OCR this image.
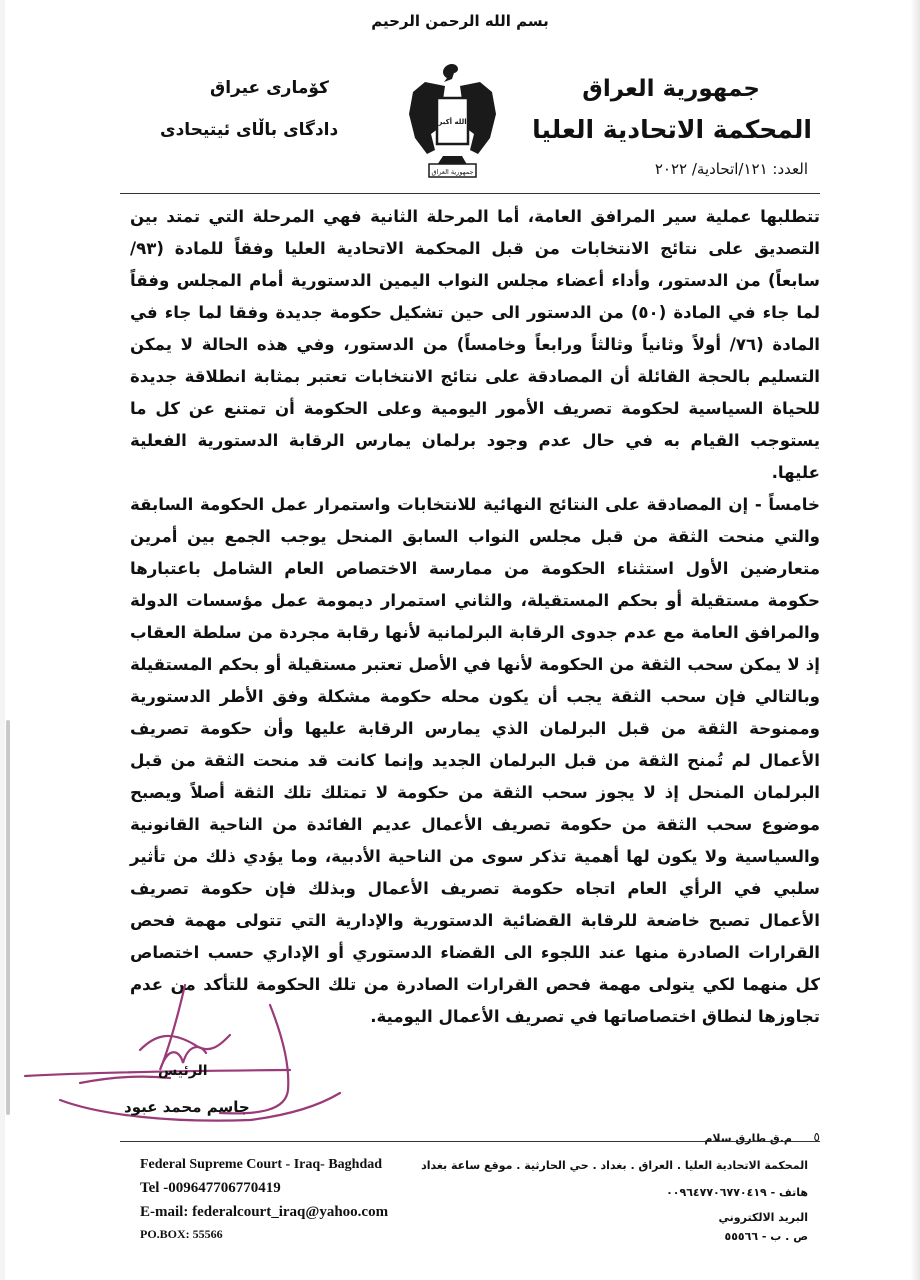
بسم الله الرحمن الرحيم
جمهورية العراق
المحكمة الاتحادية العليا
العدد: ١٢١/اتحادية/ ٢٠٢٢
كۆمارى عيراق
دادگاى باڵاى ئيتيحادى	الله أكبر
جمهورية العراق

تتطلبها عملية سير المرافق العامة، أما المرحلة الثانية فهي المرحلة التي تمتد بين التصديق على نتائج الانتخابات من قبل المحكمة الاتحادية العليا وفقاً للمادة (٩٣/ سابعاً) من الدستور، وأداء أعضاء مجلس النواب اليمين الدستورية أمام المجلس وفقاً لما جاء في المادة (٥٠) من الدستور الى حين تشكيل حكومة جديدة وفقا لما جاء في المادة (٧٦/ أولاً وثانياً وثالثاً ورابعاً وخامساً) من الدستور، وفي هذه الحالة لا يمكن التسليم بالحجة القائلة أن المصادقة على نتائج الانتخابات تعتبر بمثابة انطلاقة جديدة للحياة السياسية لحكومة تصريف الأمور اليومية وعلى الحكومة أن تمتنع عن كل ما يستوجب القيام به في حال عدم وجود برلمان يمارس الرقابة الدستورية الفعلية عليها.

خامساً - إن المصادقة على النتائج النهائية للانتخابات واستمرار عمل الحكومة السابقة والتي منحت الثقة من قبل مجلس النواب السابق المنحل يوجب الجمع بين أمرين متعارضين الأول استثناء الحكومة من ممارسة الاختصاص العام الشامل باعتبارها حكومة مستقيلة أو بحكم المستقيلة، والثاني استمرار ديمومة عمل مؤسسات الدولة والمرافق العامة مع عدم جدوى الرقابة البرلمانية لأنها رقابة مجردة من سلطة العقاب إذ لا يمكن سحب الثقة من الحكومة لأنها في الأصل تعتبر مستقيلة أو بحكم المستقيلة وبالتالي فإن سحب الثقة يجب أن يكون محله حكومة مشكلة وفق الأطر الدستورية وممنوحة الثقة من قبل البرلمان الذي يمارس الرقابة عليها وأن حكومة تصريف الأعمال لم تُمنح الثقة من قبل البرلمان الجديد وإنما كانت قد منحت الثقة من قبل البرلمان المنحل إذ لا يجوز سحب الثقة من حكومة لا تمتلك تلك الثقة أصلاً ويصبح موضوع سحب الثقة من حكومة تصريف الأعمال عديم الفائدة من الناحية القانونية والسياسية ولا يكون لها أهمية تذكر سوى من الناحية الأدبية، وما يؤدي ذلك من تأثير سلبي في الرأي العام اتجاه حكومة تصريف الأعمال وبذلك فإن حكومة تصريف الأعمال تصبح خاضعة للرقابة القضائية الدستورية والإدارية التي تتولى مهمة فحص القرارات الصادرة منها عند اللجوء الى القضاء الدستوري أو الإداري حسب اختصاص كل منهما لكي يتولى مهمة فحص القرارات الصادرة من تلك الحكومة للتأكد من عدم تجاوزها لنطاق اختصاصاتها في تصريف الأعمال اليومية.

الرئيس
جاسم محمد عبود
م.ق طارق سلام ٥
Federal Supreme Court - Iraq- Baghdad
Tel -009647706770419
E-mail: federalcourt_iraq@yahoo.com
PO.BOX: 55566
المحكمة الاتحادية العليا . العراق . بغداد . حي الحارثية . موقع ساعة بغداد
هاتف - ٠٠٩٦٤٧٧٠٦٧٧٠٤١٩
البريد الالكتروني
ص . ب - ٥٥٥٦٦
